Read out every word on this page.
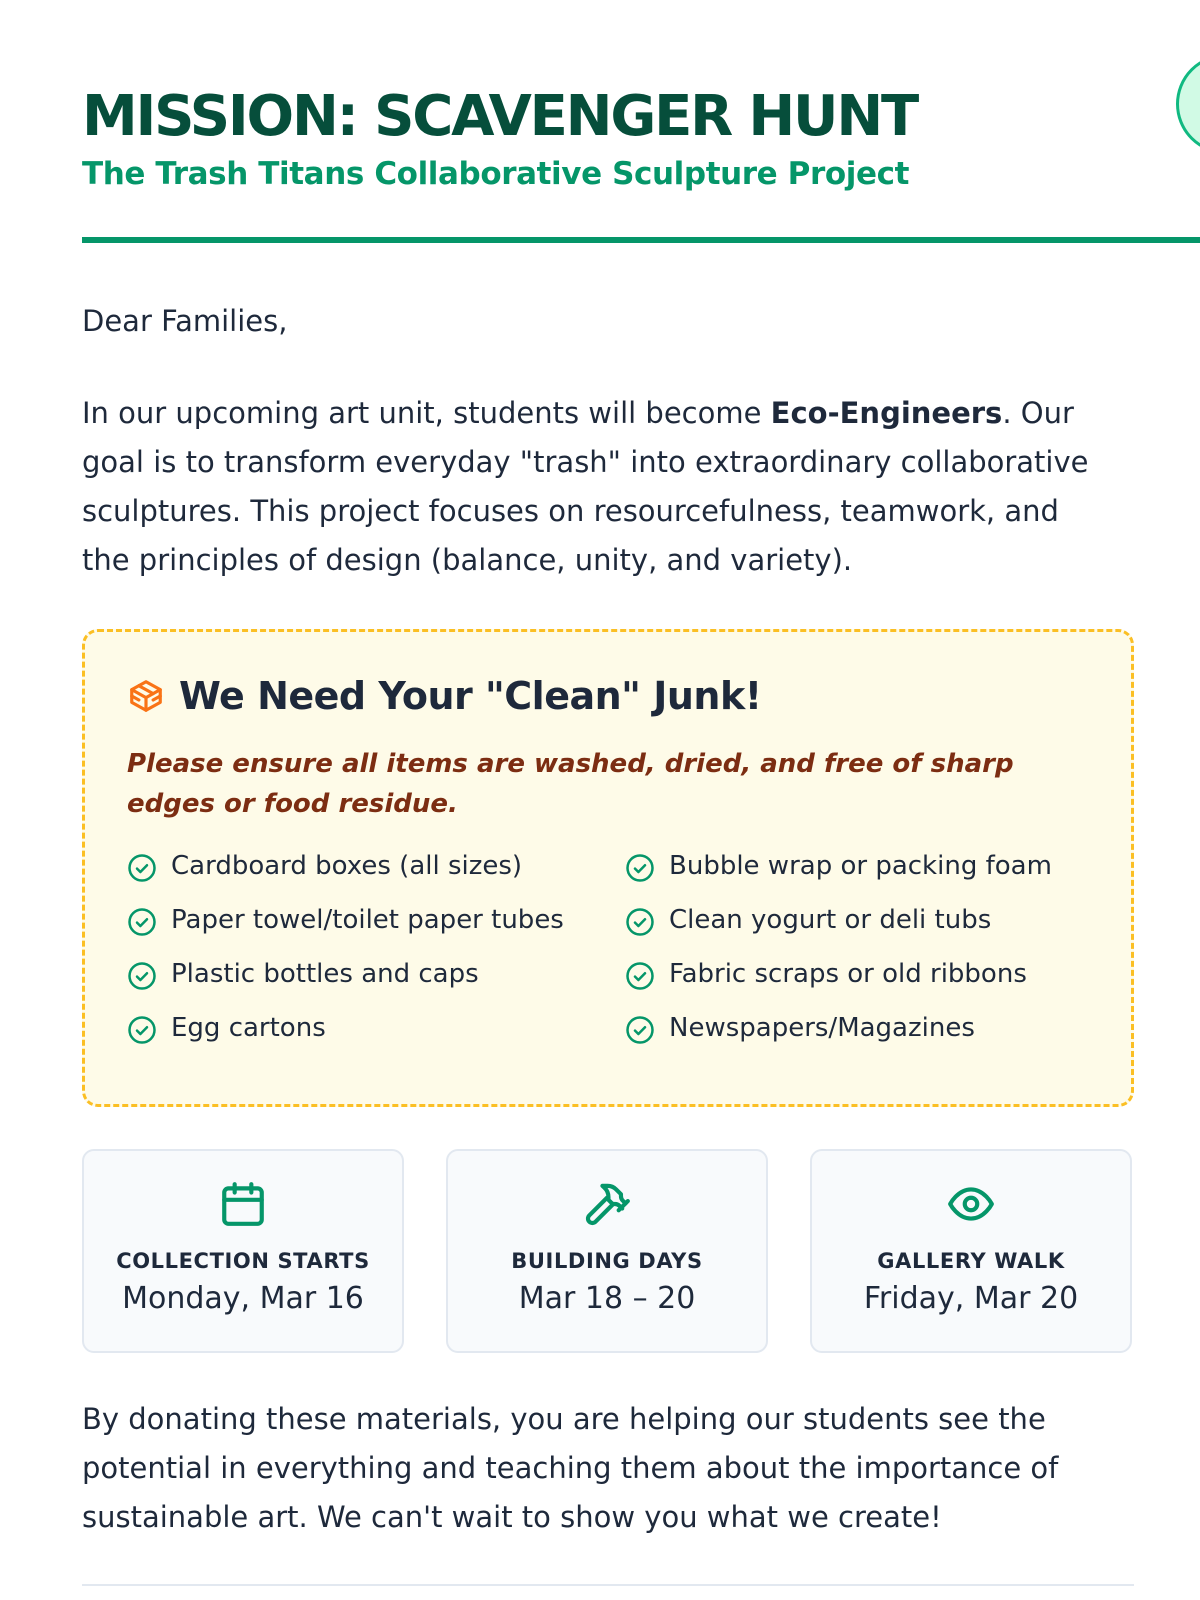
MISSION: SCAVENGER HUNT
The Trash Titans Collaborative Sculpture Project
Dear Families,

In our upcoming art unit, students will become Eco-Engineers. Our goal is to transform everyday "trash" into extraordinary collaborative sculptures. This project focuses on resourcefulness, teamwork, and the principles of design (balance, unity, and variety).

We Need Your "Clean" Junk!
Please ensure all items are washed, dried, and free of sharp edges or food residue.
Cardboard boxes (all sizes)	Bubble wrap or packing foam
Paper towel/toilet paper tubes	Clean yogurt or deli tubs
Plastic bottles and caps	Fabric scraps or old ribbons
Egg cartons	Newspapers/Magazines
COLLECTION STARTS
Monday, Mar 16
BUILDING DAYS
Mar 18 – 20
GALLERY WALK
Friday, Mar 20

By donating these materials, you are helping our students see the potential in everything and teaching them about the importance of sustainable art. We can't wait to show you what we create!
